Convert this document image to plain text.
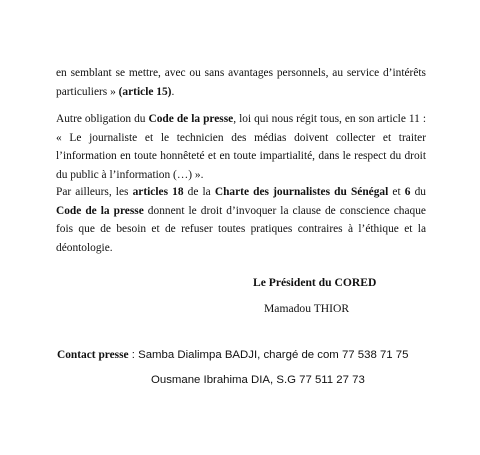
en semblant se mettre, avec ou sans avantages personnels, au service d’intérêts particuliers » (article 15).

Autre obligation du Code de la presse, loi qui nous régit tous, en son article 11 : « Le journaliste et le technicien des médias doivent collecter et traiter l’information en toute honnêteté et en toute impartialité, dans le respect du droit du public à l’information (…) ».

Par ailleurs, les articles 18 de la Charte des journalistes du Sénégal et 6 du Code de la presse donnent le droit d’invoquer la clause de conscience chaque fois que de besoin et de refuser toutes pratiques contraires à l’éthique et la déontologie.

Le Président du CORED
Mamadou THIOR
Contact presse : Samba Dialimpa BADJI, chargé de com 77 538 71 75
Ousmane Ibrahima DIA, S.G 77 511 27 73
